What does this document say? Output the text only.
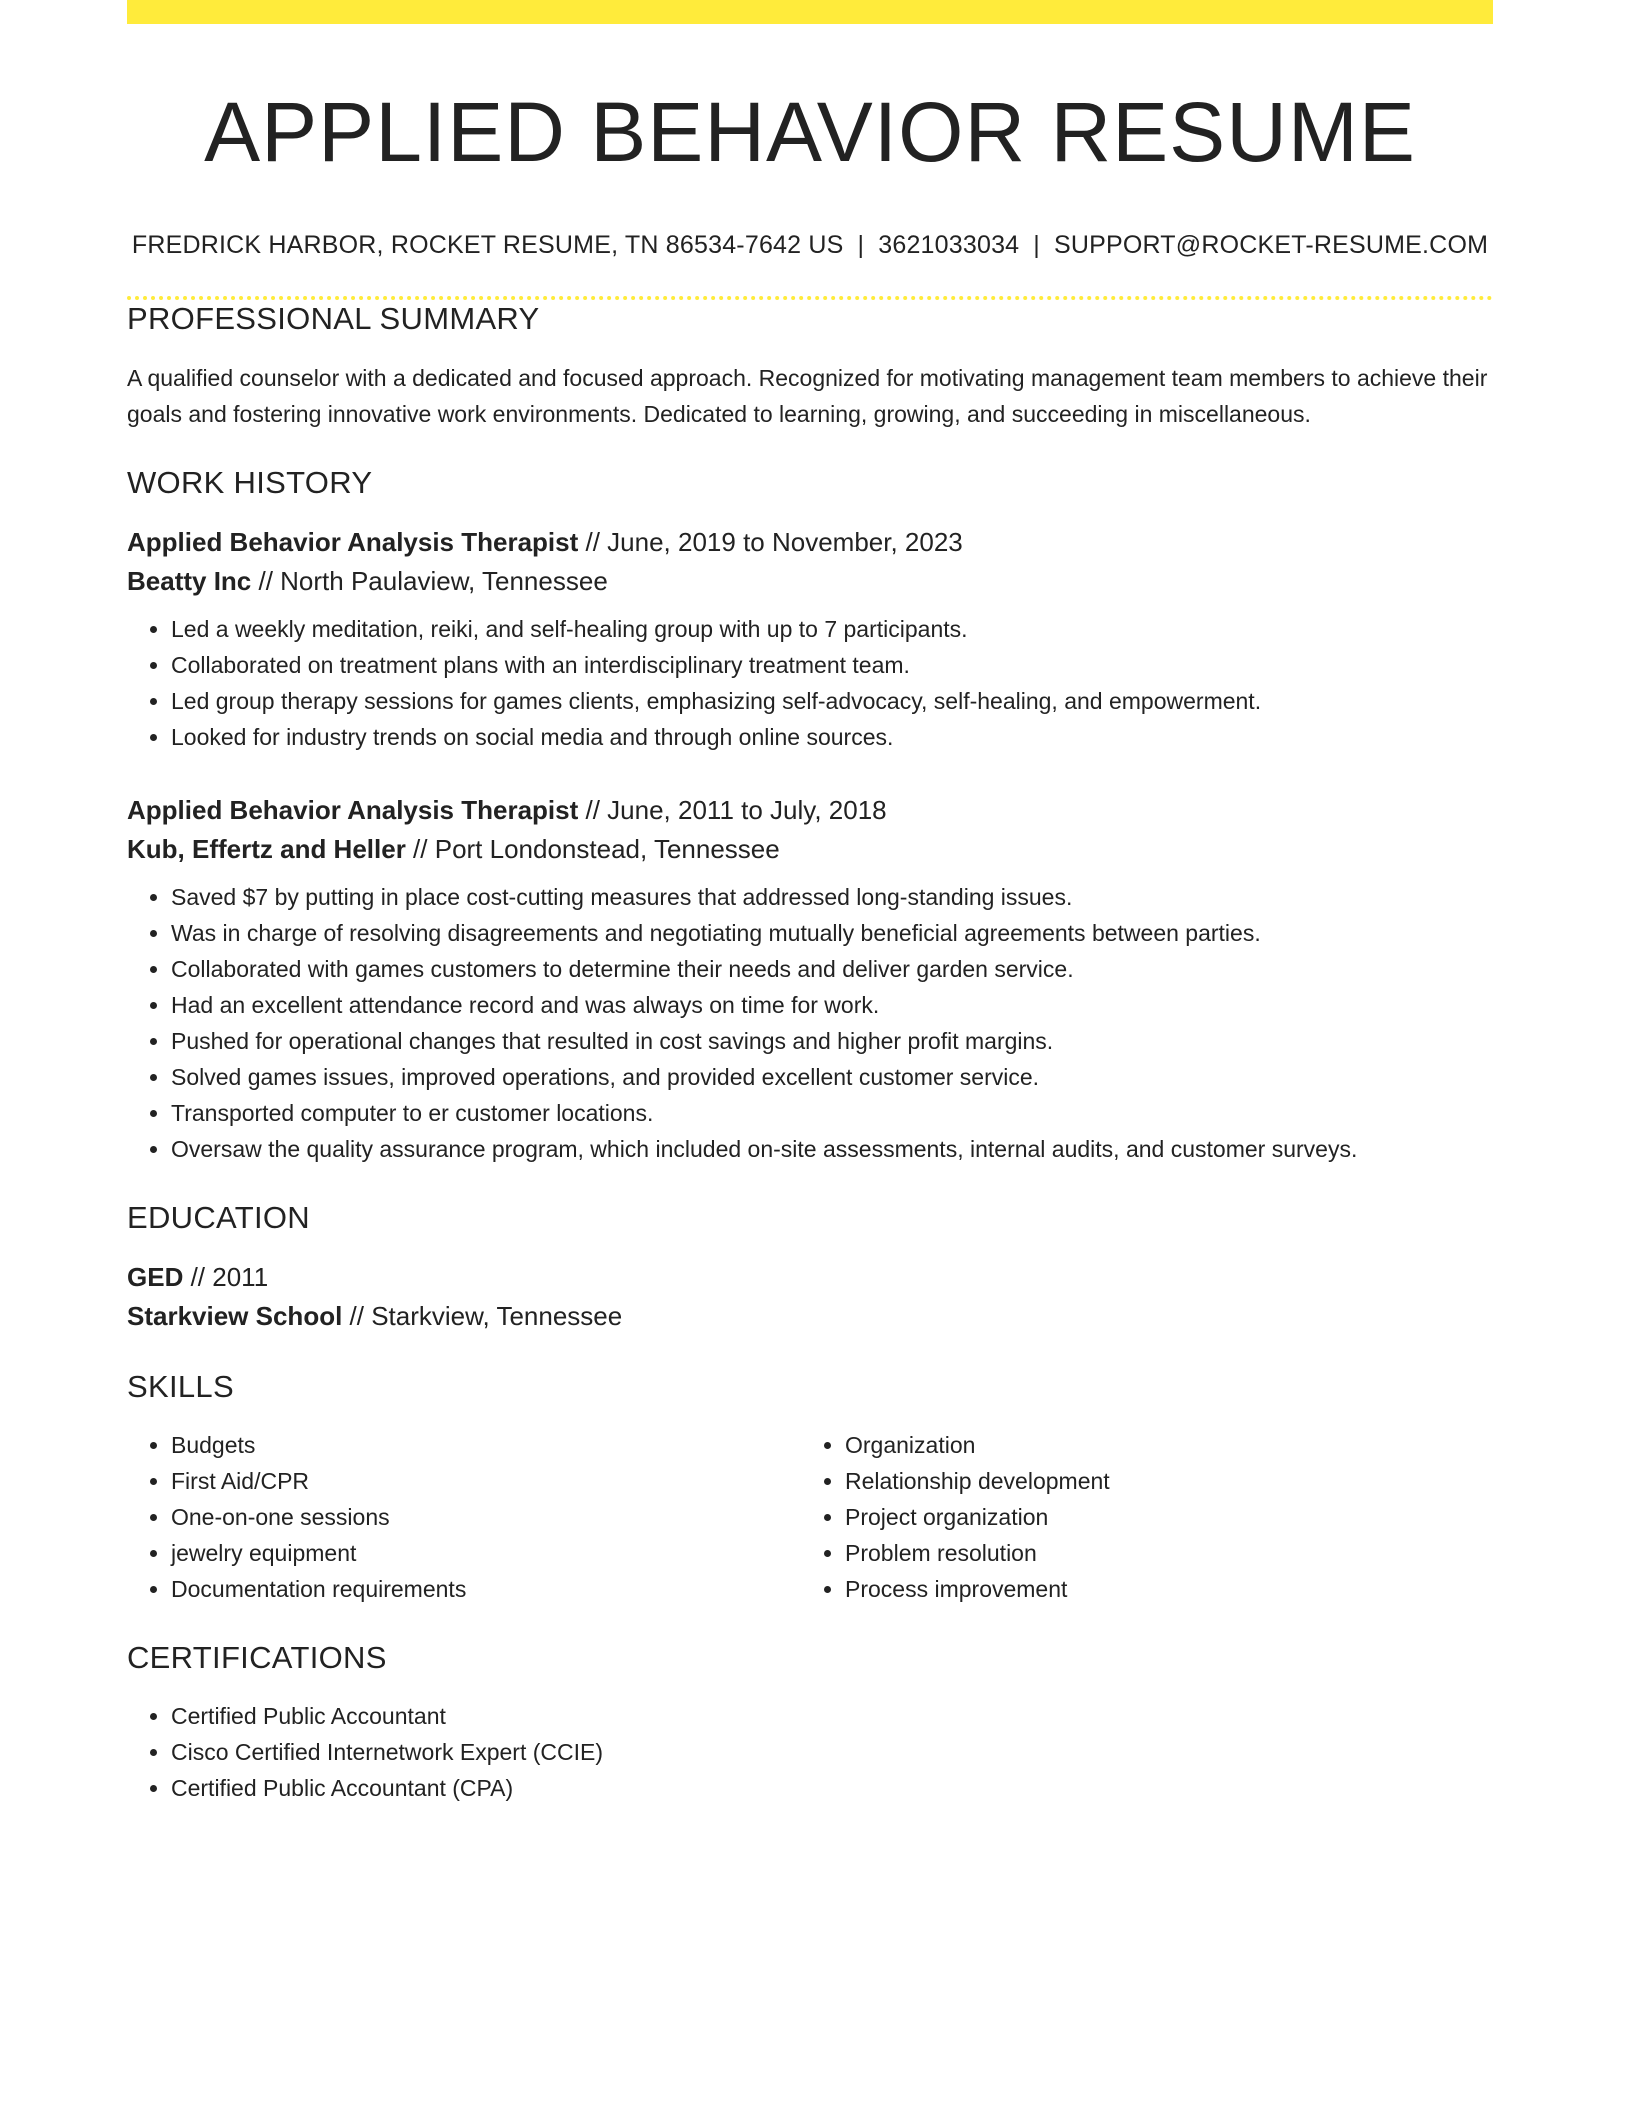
APPLIED BEHAVIOR RESUME
FREDRICK HARBOR, ROCKET RESUME, TN 86534-7642 US | 3621033034 | SUPPORT@ROCKET-RESUME.COM
PROFESSIONAL SUMMARY
A qualified counselor with a dedicated and focused approach. Recognized for motivating management team members to achieve their goals and fostering innovative work environments. Dedicated to learning, growing, and succeeding in miscellaneous.
WORK HISTORY
Applied Behavior Analysis Therapist // June, 2019 to November, 2023
Beatty Inc // North Paulaview, Tennessee
• Led a weekly meditation, reiki, and self-healing group with up to 7 participants.
• Collaborated on treatment plans with an interdisciplinary treatment team.
• Led group therapy sessions for games clients, emphasizing self-advocacy, self-healing, and empowerment.
• Looked for industry trends on social media and through online sources.
Applied Behavior Analysis Therapist // June, 2011 to July, 2018
Kub, Effertz and Heller // Port Londonstead, Tennessee
• Saved $7 by putting in place cost-cutting measures that addressed long-standing issues.
• Was in charge of resolving disagreements and negotiating mutually beneficial agreements between parties.
• Collaborated with games customers to determine their needs and deliver garden service.
• Had an excellent attendance record and was always on time for work.
• Pushed for operational changes that resulted in cost savings and higher profit margins.
• Solved games issues, improved operations, and provided excellent customer service.
• Transported computer to er customer locations.
• Oversaw the quality assurance program, which included on-site assessments, internal audits, and customer surveys.
EDUCATION
GED // 2011
Starkview School // Starkview, Tennessee
SKILLS
• Budgets
• First Aid/CPR
• One-on-one sessions
• jewelry equipment
• Documentation requirements
• Organization
• Relationship development
• Project organization
• Problem resolution
• Process improvement
CERTIFICATIONS
• Certified Public Accountant
• Cisco Certified Internetwork Expert (CCIE)
• Certified Public Accountant (CPA)
